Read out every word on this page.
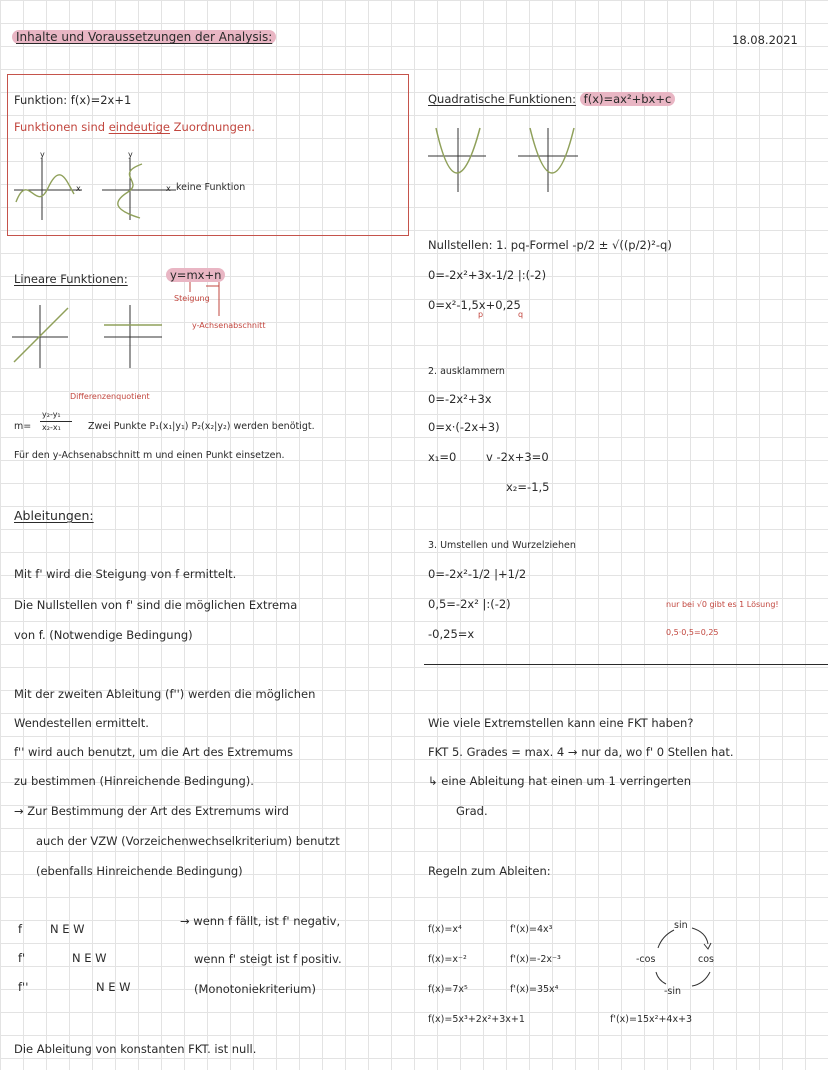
Inhalte und Voraussetzungen der Analysis:	18.08.2021
Funktion: f(x)=2x+1
Funktionen sind eindeutige Zuordnungen.
y
x
y
x keine Funktion
Lineare Funktionen:	y=mx+n
Steigung
y-Achsenabschnitt
Differenzenquotient
m=
y₂-y₁
x₂-x₁	Zwei Punkte P₁(x₁|y₁) P₂(x₂|y₂) werden benötigt.
Für den y-Achsenabschnitt m und einen Punkt einsetzen.
Ableitungen:
Mit f' wird die Steigung von f ermittelt.
Die Nullstellen von f' sind die möglichen Extrema
von f. (Notwendige Bedingung)
Mit der zweiten Ableitung (f'') werden die möglichen
Wendestellen ermittelt.
f'' wird auch benutzt, um die Art des Extremums
zu bestimmen (Hinreichende Bedingung).
→ Zur Bestimmung der Art des Extremums wird
auch der VZW (Vorzeichenwechselkriterium) benutzt
(ebenfalls Hinreichende Bedingung)
f N E W
f'	N E W
f''	N E W
→ wenn f fällt, ist f' negativ,
wenn f' steigt ist f positiv.
(Monotoniekriterium)
Die Ableitung von konstanten FKT. ist null.
Quadratische Funktionen: f(x)=ax²+bx+c
Nullstellen: 1. pq-Formel -p/2 ± √((p/2)²-q)
0=-2x²+3x-1/2 |:(-2)
0=x²-1,5x+0,25
p	q
2. ausklammern
0=-2x²+3x
0=x·(-2x+3)
x₁=0	v -2x+3=0
x₂=-1,5
3. Umstellen und Wurzelziehen
0=-2x²-1/2 |+1/2
0,5=-2x² |:(-2)
-0,25=x
nur bei √0 gibt es 1 Lösung!
0,5·0,5=0,25
Wie viele Extremstellen kann eine FKT haben?
FKT 5. Grades = max. 4 → nur da, wo f' 0 Stellen hat.
↳ eine Ableitung hat einen um 1 verringerten
Grad.
Regeln zum Ableiten:
f(x)=x⁴	f'(x)=4x³
f(x)=x⁻²	f'(x)=-2x⁻³
f(x)=7x⁵	f'(x)=35x⁴
f(x)=5x³+2x²+3x+1	f'(x)=15x²+4x+3
sin
cos
-sin
-cos
